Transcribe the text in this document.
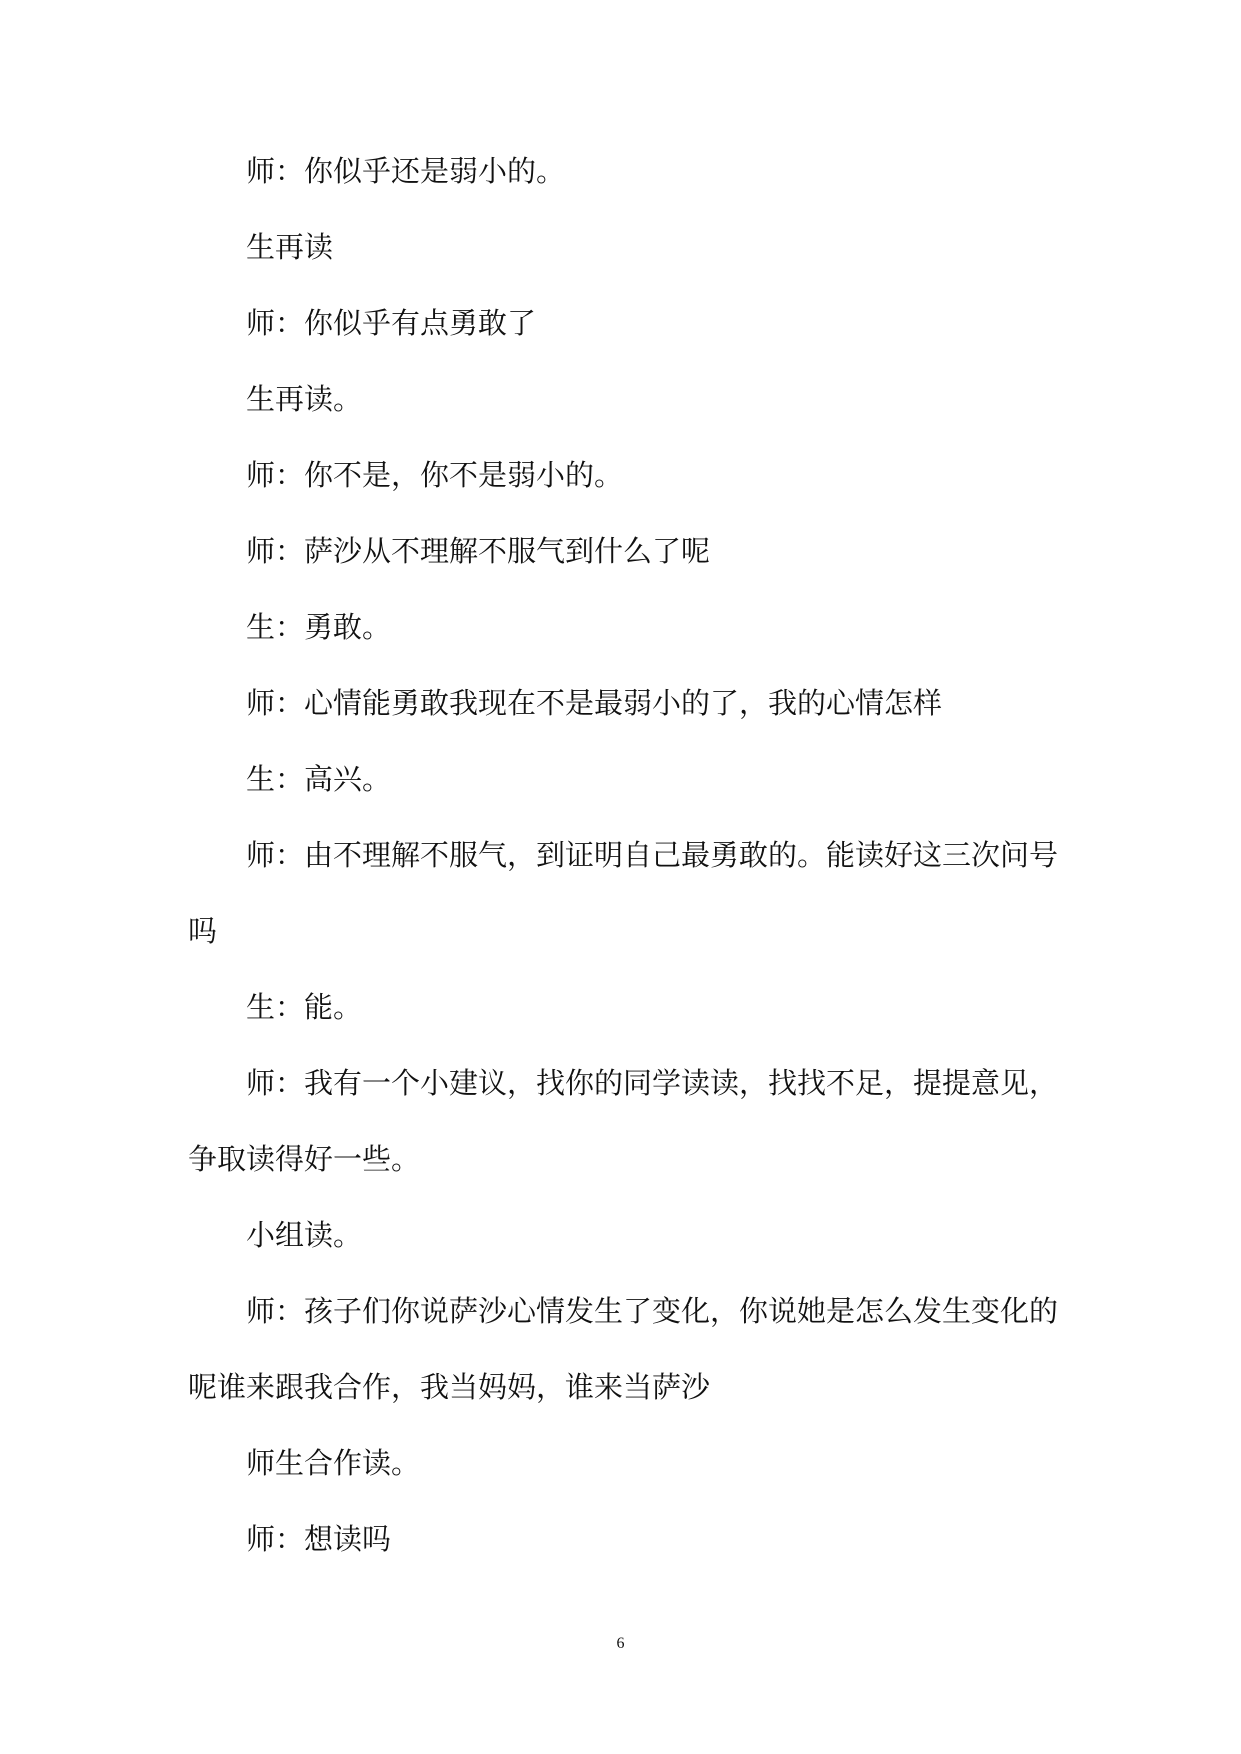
师：你似乎还是弱小的。

生再读

师：你似乎有点勇敢了

生再读。

师：你不是，你不是弱小的。

师：萨沙从不理解不服气到什么了呢

生：勇敢。

师：心情能勇敢我现在不是最弱小的了，我的心情怎样

生：高兴。

师：由不理解不服气，到证明自己最勇敢的。能读好这三次问号吗

生：能。

师：我有一个小建议，找你的同学读读，找找不足，提提意见，争取读得好一些。

小组读。

师：孩子们你说萨沙心情发生了变化，你说她是怎么发生变化的呢谁来跟我合作，我当妈妈，谁来当萨沙

师生合作读。

师：想读吗

6
